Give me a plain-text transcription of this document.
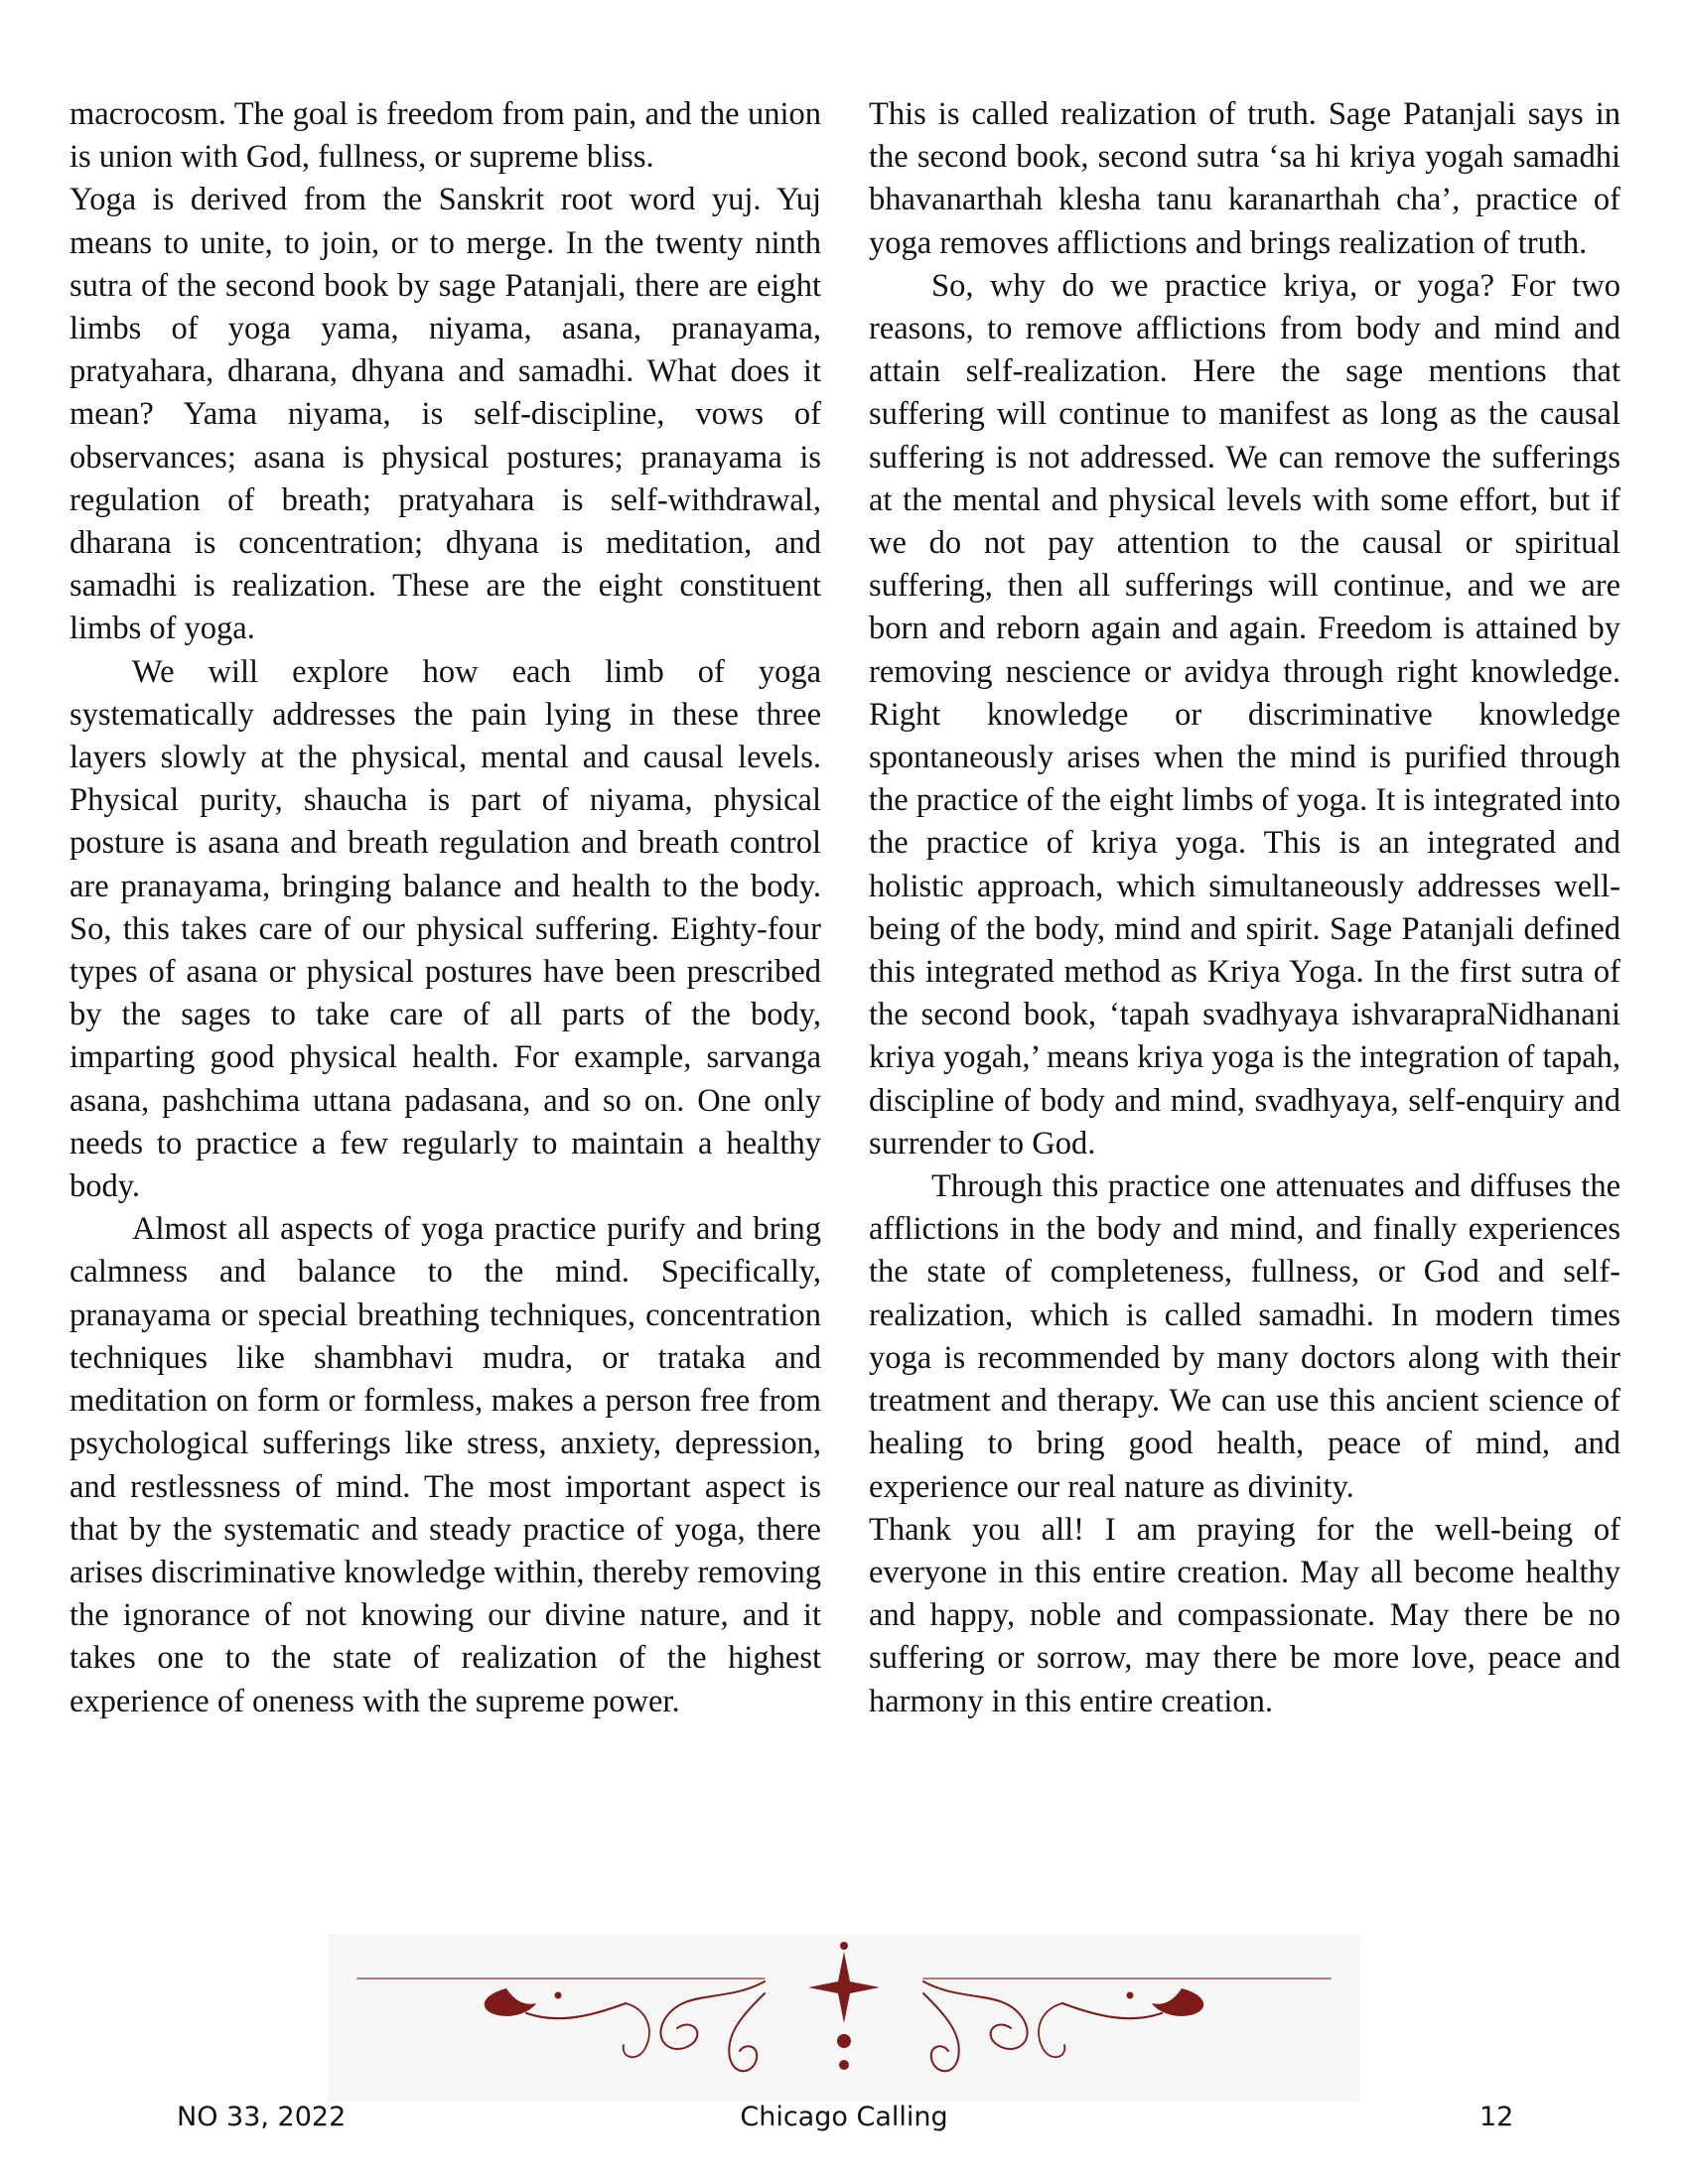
macrocosm. The goal is freedom from pain, and the union is union with God, fullness, or supreme bliss.

Yoga is derived from the Sanskrit root word yuj. Yuj means to unite, to join, or to merge. In the twenty ninth sutra of the second book by sage Patanjali, there are eight limbs of yoga yama, niyama, asana, pranayama, pratyahara, dharana, dhyana and samadhi. What does it mean? Yama niyama, is self-discipline, vows of observances; asana is physical postures; pranayama is regulation of breath; pratyahara is self-withdrawal, dharana is concentration; dhyana is meditation, and samadhi is realization. These are the eight constituent limbs of yoga.

We will explore how each limb of yoga systematically addresses the pain lying in these three layers slowly at the physical, mental and causal levels. Physical purity, shaucha is part of niyama, physical posture is asana and breath regulation and breath control are pranayama, bringing balance and health to the body. So, this takes care of our physical suffering. Eighty-four types of asana or physical postures have been prescribed by the sages to take care of all parts of the body, imparting good physical health. For example, sarvanga asana, pashchima uttana padasana, and so on. One only needs to practice a few regularly to maintain a healthy body.

Almost all aspects of yoga practice purify and bring calmness and balance to the mind. Specifically, pranayama or special breathing techniques, concentration techniques like shambhavi mudra, or trataka and meditation on form or formless, makes a person free from psychological sufferings like stress, anxiety, depression, and restlessness of mind. The most important aspect is that by the systematic and steady practice of yoga, there arises discriminative knowledge within, thereby removing the ignorance of not knowing our divine nature, and it takes one to the state of realization of the highest experience of oneness with the supreme power.

This is called realization of truth. Sage Patanjali says in the second book, second sutra ‘sa hi kriya yogah samadhi bhavanarthah klesha tanu karanarthah cha’, practice of yoga removes afflictions and brings realization of truth.

So, why do we practice kriya, or yoga? For two reasons, to remove afflictions from body and mind and attain self-realization. Here the sage mentions that suffering will continue to manifest as long as the causal suffering is not addressed. We can remove the sufferings at the mental and physical levels with some effort, but if we do not pay attention to the causal or spiritual suffering, then all sufferings will continue, and we are born and reborn again and again. Freedom is attained by removing nescience or avidya through right knowledge. Right knowledge or discriminative knowledge spontaneously arises when the mind is purified through the practice of the eight limbs of yoga. It is integrated into the practice of kriya yoga. This is an integrated and holistic approach, which simultaneously addresses well-being of the body, mind and spirit. Sage Patanjali defined this integrated method as Kriya Yoga. In the first sutra of the second book, ‘tapah svadhyaya ishvarapraNidhanani kriya yogah,’ means kriya yoga is the integration of tapah, discipline of body and mind, svadhyaya, self-enquiry and surrender to God.

Through this practice one attenuates and diffuses the afflictions in the body and mind, and finally experiences the state of completeness, fullness, or God and self-realization, which is called samadhi. In modern times yoga is recommended by many doctors along with their treatment and therapy. We can use this ancient science of healing to bring good health, peace of mind, and experience our real nature as divinity.

Thank you all! I am praying for the well-being of everyone in this entire creation. May all become healthy and happy, noble and compassionate. May there be no suffering or sorrow, may there be more love, peace and harmony in this entire creation.

NO 33, 2022	Chicago Calling	12
